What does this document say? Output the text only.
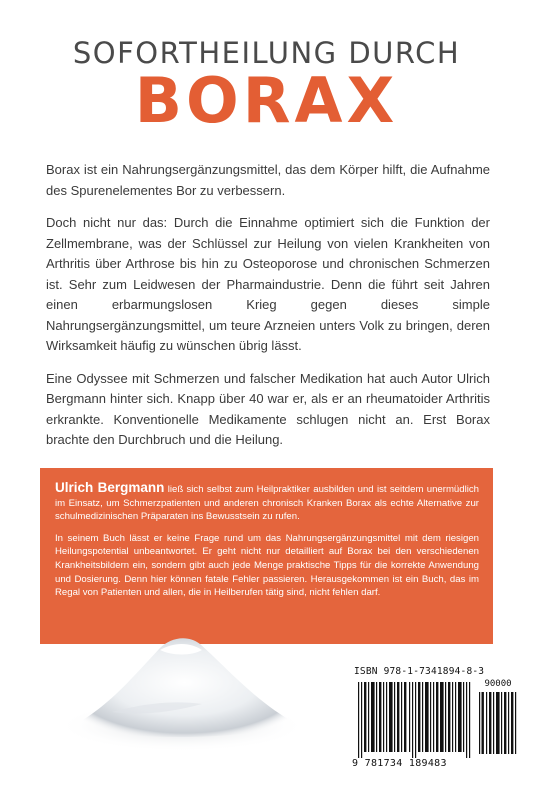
SOFORTHEILUNG DURCH
BORAX

Borax ist ein Nahrungsergänzungsmittel, das dem Körper hilft, die Aufnahme des Spurenelementes Bor zu verbessern.

Doch nicht nur das: Durch die Einnahme optimiert sich die Funktion der Zellmembrane, was der Schlüssel zur Heilung von vielen Krankheiten von Arthritis über Arthrose bis hin zu Osteoporose und chronischen Schmerzen ist. Sehr zum Leidwesen der Pharmaindustrie. Denn die führt seit Jahren einen erbarmungslosen Krieg gegen dieses simple Nahrungsergänzungsmittel, um teure Arzneien unters Volk zu bringen, deren Wirksamkeit häufig zu wünschen übrig lässt.

Eine Odyssee mit Schmerzen und falscher Medikation hat auch Autor Ulrich Bergmann hinter sich. Knapp über 40 war er, als er an rheumatoider Arthritis erkrankte. Konventionelle Medikamente schlugen nicht an. Erst Borax brachte den Durchbruch und die Heilung.

Ulrich Bergmann ließ sich selbst zum Heilpraktiker ausbilden und ist seitdem unermüdlich im Einsatz, um Schmerzpatienten und anderen chronisch Kranken Borax als echte Alternative zur schulmedizinischen Präparaten ins Bewusstsein zu rufen.

In seinem Buch lässt er keine Frage rund um das Nahrungsergänzungsmittel mit dem riesigen Heilungspotential unbeantwortet. Er geht nicht nur detailliert auf Borax bei den verschiedenen Krankheitsbildern ein, sondern gibt auch jede Menge praktische Tipps für die korrekte Anwendung und Dosierung. Denn hier können fatale Fehler passieren. Herausgekommen ist ein Buch, das im Regal von Patienten und allen, die in Heilberufen tätig sind, nicht fehlen darf.

ISBN 978-1-7341894-8-3
90000
9 781734 189483
